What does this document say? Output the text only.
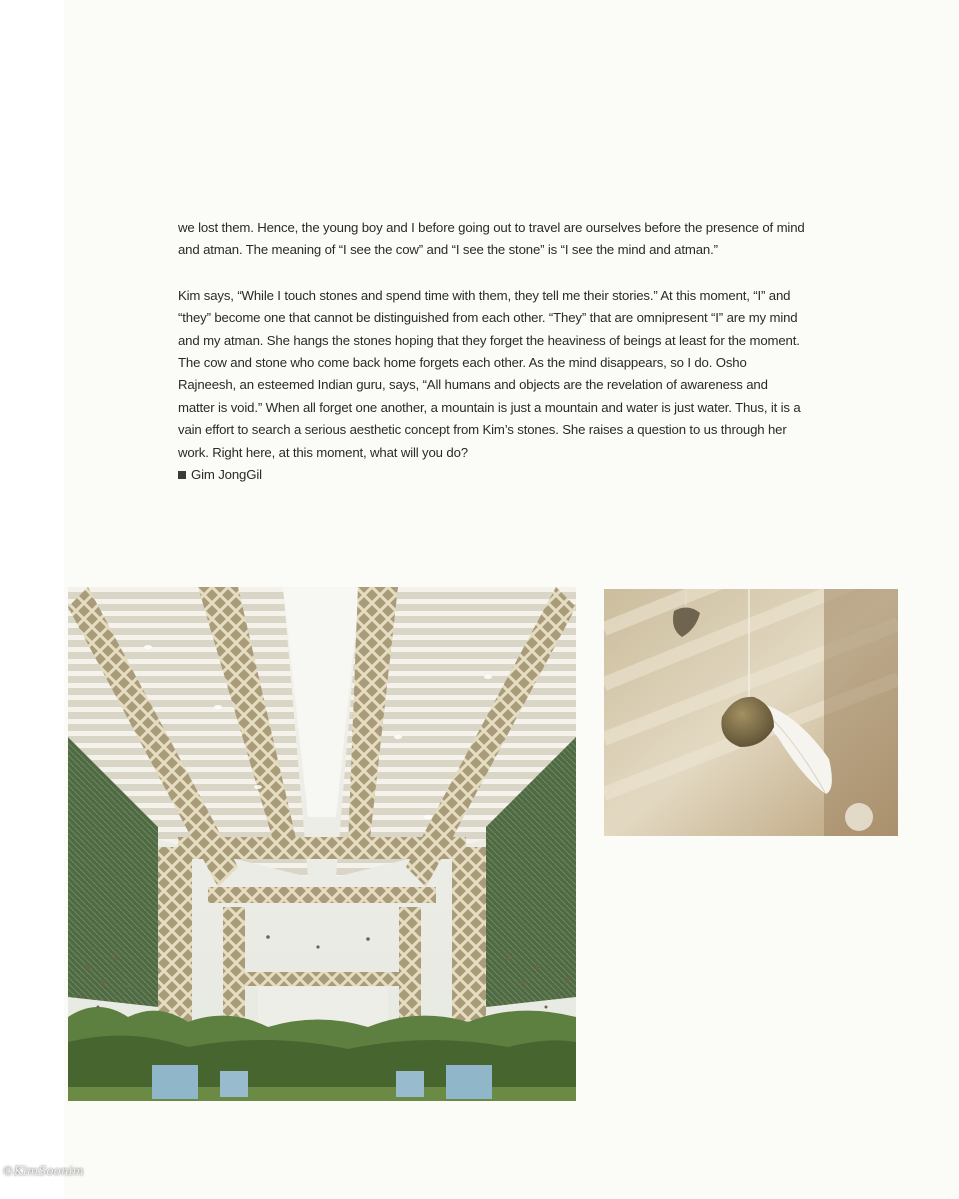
we lost them. Hence, the young boy and I before going out to travel are ourselves before the presence of mind and atman. The meaning of “I see the cow” and “I see the stone” is “I see the mind and atman.”

Kim says, “While I touch stones and spend time with them, they tell me their stories.” At this moment, “I” and “they” become one that cannot be distinguished from each other. “They” that are omnipresent “I” are my mind and my atman. She hangs the stones hoping that they forget the heaviness of beings at least for the moment. The cow and stone who come back home forgets each other. As the mind disappears, so I do. Osho Rajneesh, an esteemed Indian guru, says, “All humans and objects are the revelation of awareness and matter is void.” When all forget one another, a mountain is just a mountain and water is just water. Thus, it is a vain effort to search a serious aesthetic concept from Kim’s stones. She raises a question to us through her work. Right here, at this moment, what will you do?

Gim JongGil

©KimSoonim
